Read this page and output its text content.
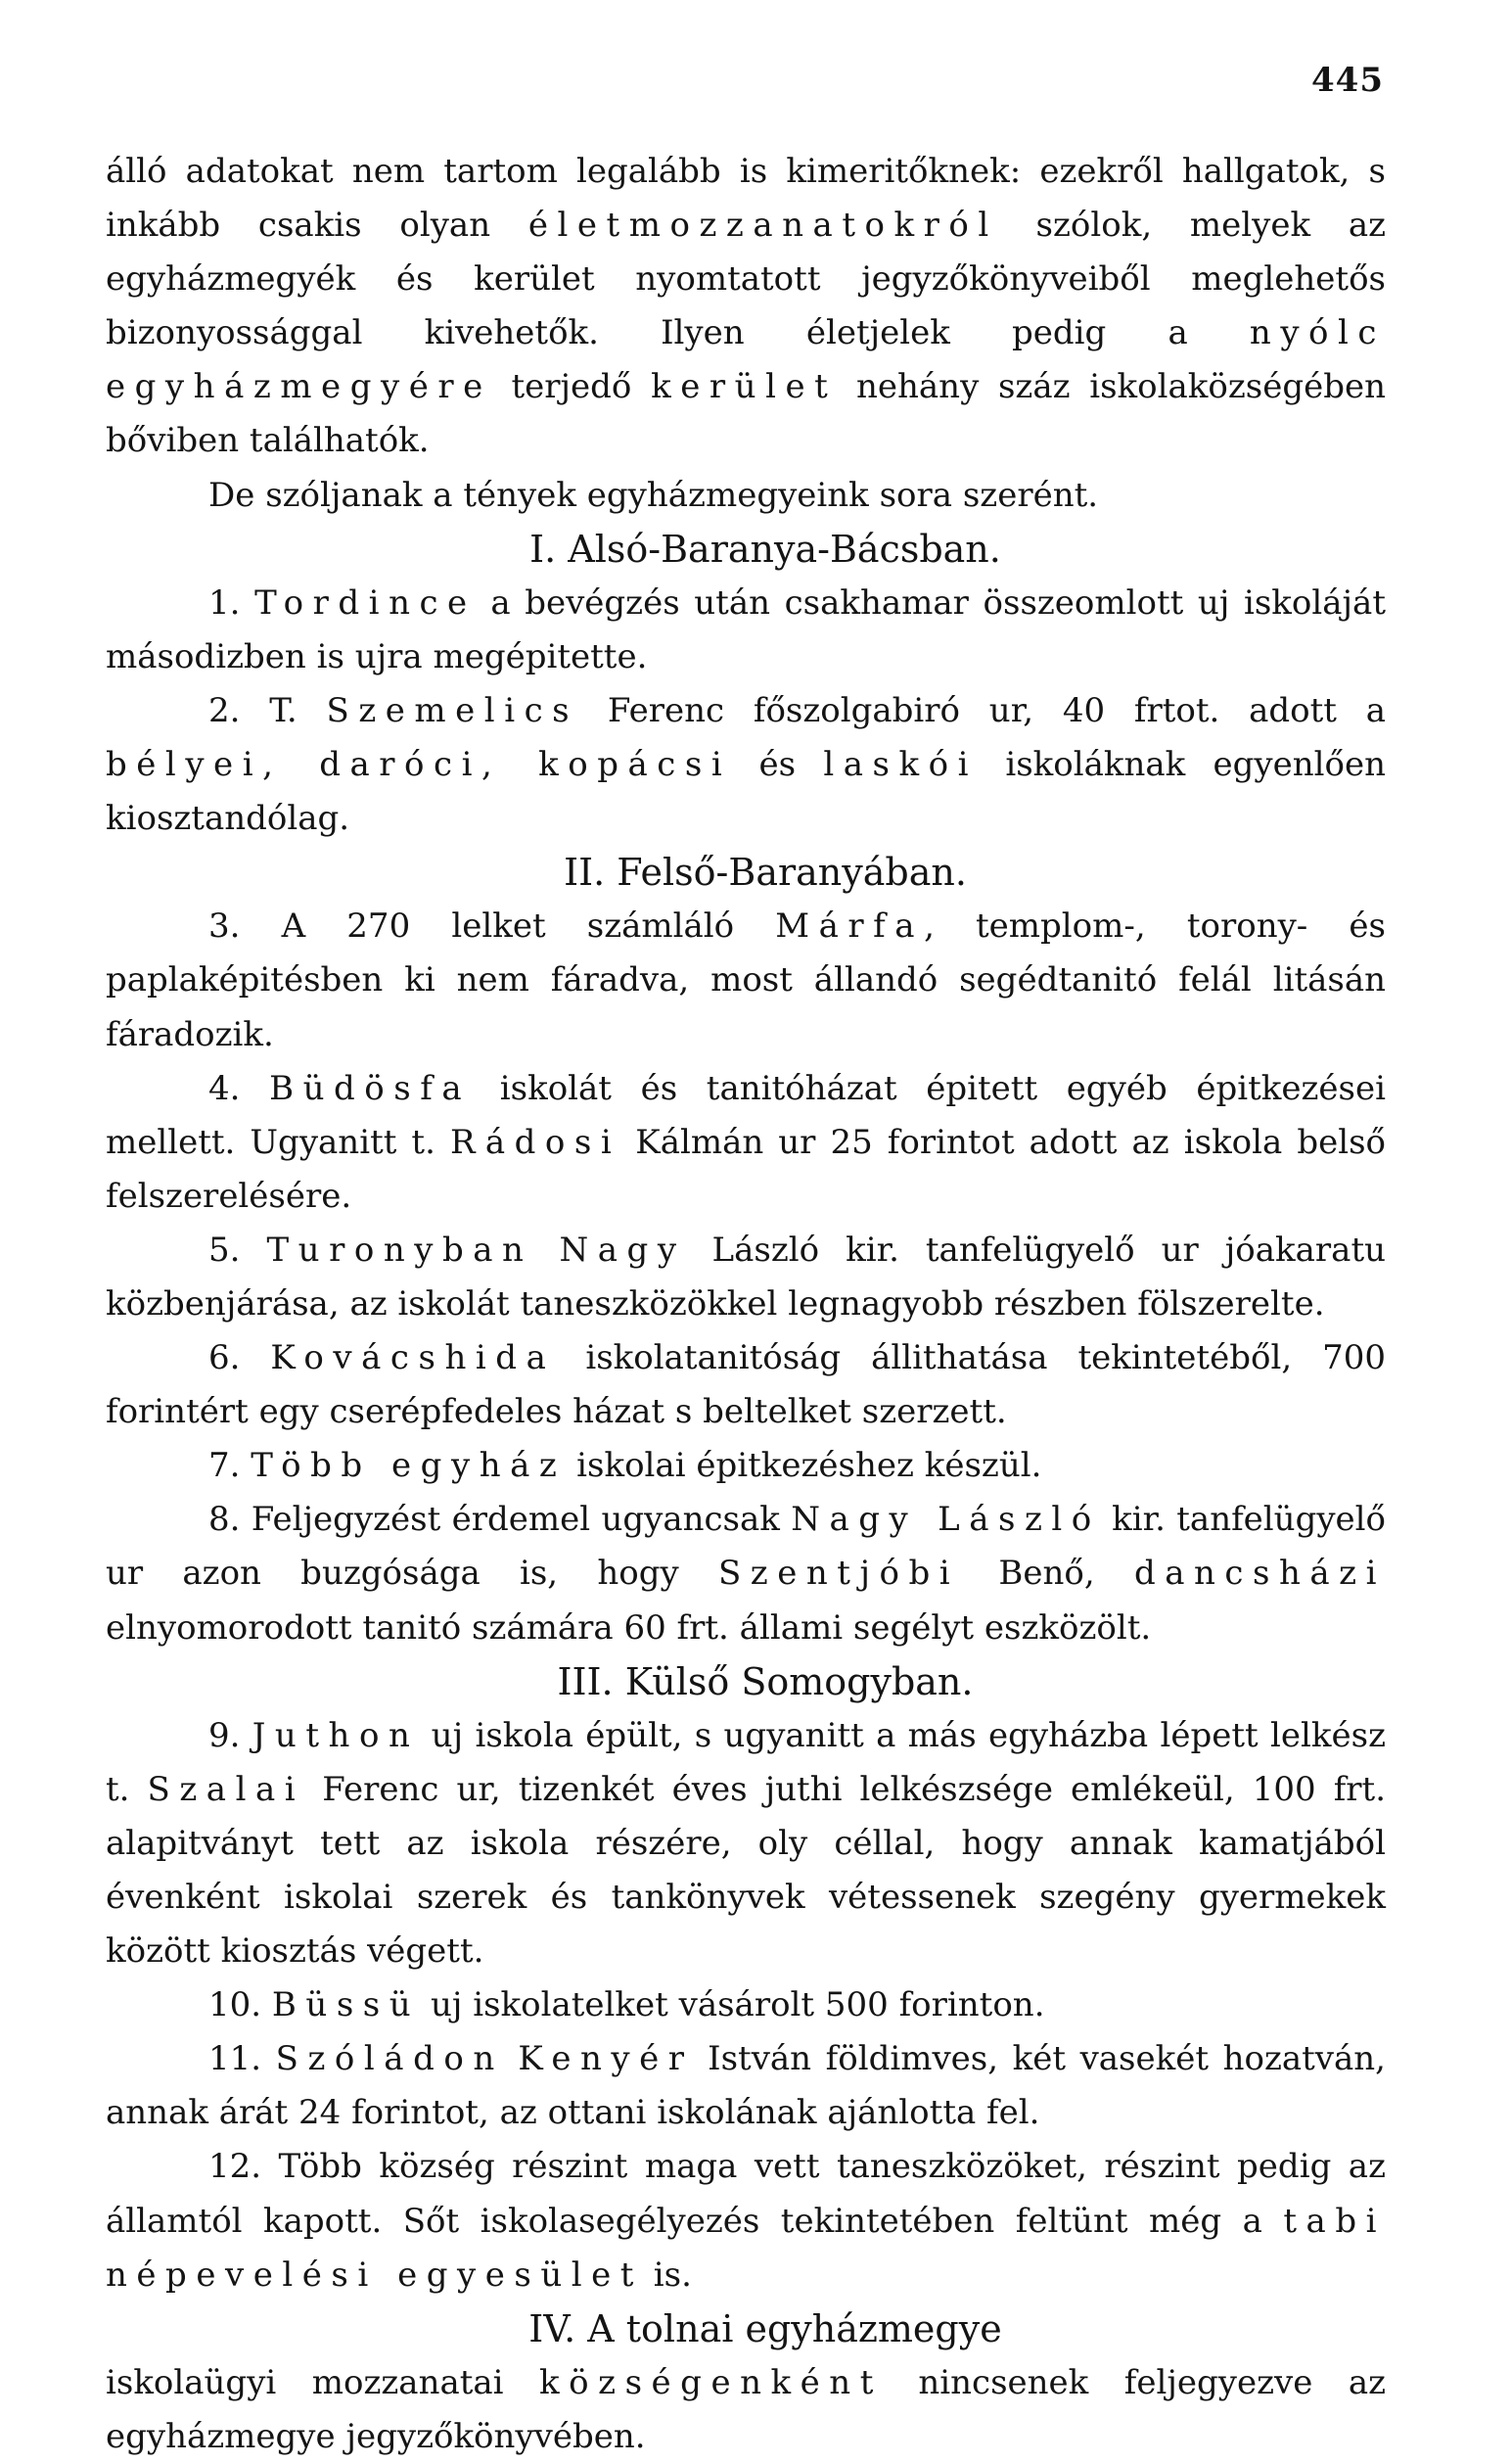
445

álló adatokat nem tartom legalább is kimeritőknek: ezekről hallgatok, s inkább csakis olyan életmozzanatokról szólok, melyek az egyházmegyék és kerület nyomtatott jegyzőkönyveiből meglehetős bizonyossággal kivehetők. Ilyen életjelek pedig a nyólc egyházmegyére terjedő kerület nehány száz iskolaközségében bőviben találhatók.

De szóljanak a tények egyházmegyeink sora szerént.

I. Alsó-Baranya-Bácsban.

1. Tordince a bevégzés után csakhamar összeomlott uj iskoláját másodizben is ujra megépitette.

2. T. Szemelics Ferenc főszolgabiró ur, 40 frtot. adott a bélyei, daróci, kopácsi és laskói iskoláknak egyenlően kiosztandólag.

II. Felső-Baranyában.

3. A 270 lelket számláló Márfa, templom-, torony- és paplaképitésben ki nem fáradva, most állandó segédtanitó felál litásán fáradozik.

4. Büdösfa iskolát és tanitóházat épitett egyéb épitkezései mellett. Ugyanitt t. Rádosi Kálmán ur 25 forintot adott az iskola belső felszerelésére.

5. Turonyban Nagy László kir. tanfelügyelő ur jóakaratu közbenjárása, az iskolát taneszközökkel legnagyobb részben fölszerelte.

6. Kovácshida iskolatanitóság állithatása tekintetéből, 700 forintért egy cserépfedeles házat s beltelket szerzett.

7. Több egyház iskolai épitkezéshez készül.

8. Feljegyzést érdemel ugyancsak Nagy László kir. tanfelügyelő ur azon buzgósága is, hogy Szentjóbi Benő, dancsházi elnyomorodott tanitó számára 60 frt. állami segélyt eszközölt.

III. Külső Somogyban.

9. Juthon uj iskola épült, s ugyanitt a más egyházba lépett lelkész t. Szalai Ferenc ur, tizenkét éves juthi lelkészsége emlékeül, 100 frt. alapitványt tett az iskola részére, oly céllal, hogy annak kamatjából évenként iskolai szerek és tankönyvek vétessenek szegény gyermekek között kiosztás végett.

10. Büssü uj iskolatelket vásárolt 500 forinton.

11. Szóládon Kenyér István földimves, két vasekét hozatván, annak árát 24 forintot, az ottani iskolának ajánlotta fel.

12. Több község részint maga vett taneszközöket, részint pedig az államtól kapott. Sőt iskolasegélyezés tekintetében feltünt még a tabi népevelési egyesület is.

IV. A tolnai egyházmegye

iskolaügyi mozzanatai községenként nincsenek feljegyezve az egyházmegye jegyzőkönyvében.
